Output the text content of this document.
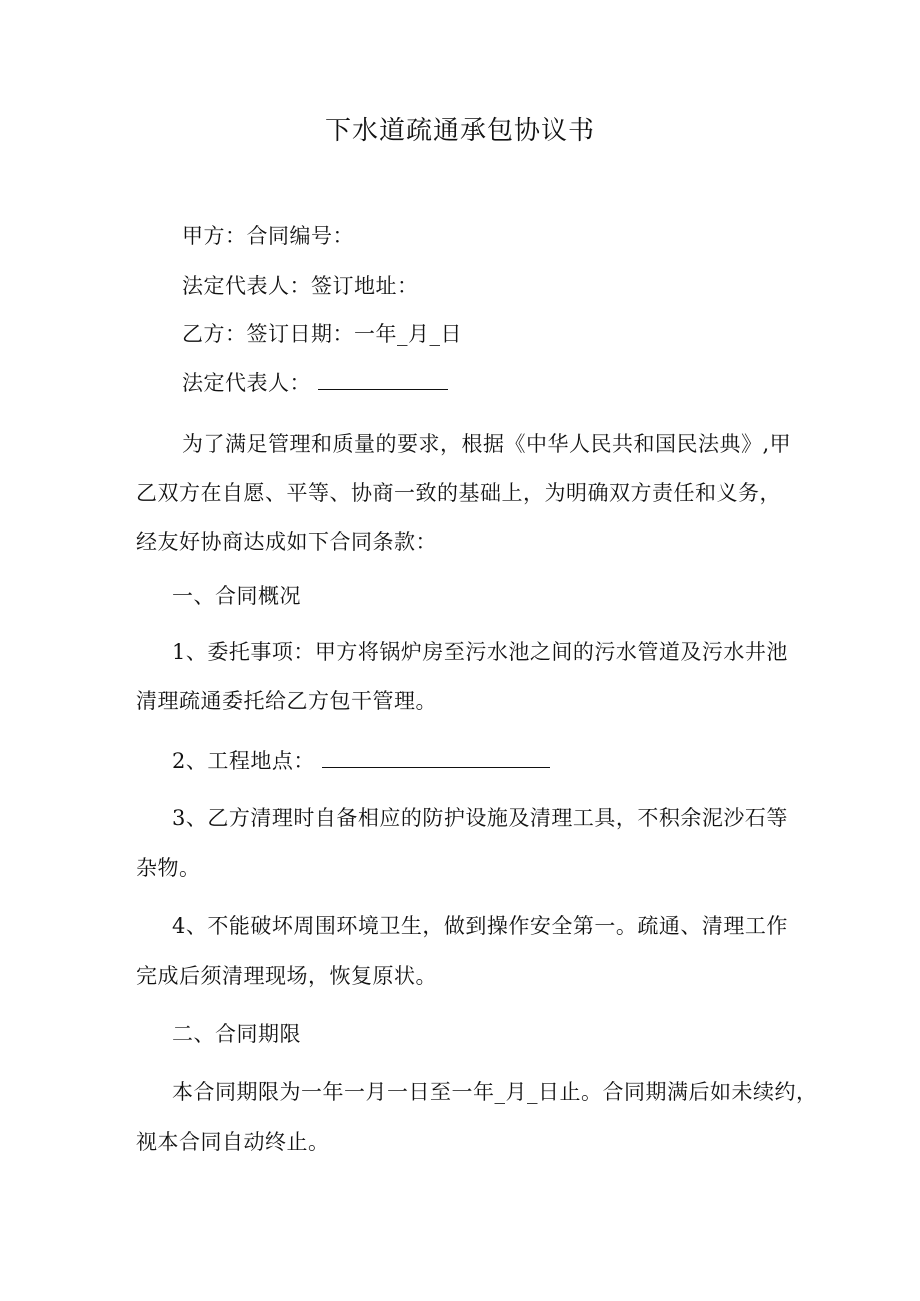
下水道疏通承包协议书
甲方：合同编号：
法定代表人：签订地址：
乙方：签订日期：一年_月_日
法定代表人：
为了满足管理和质量的要求，根据《中华人民共和国民法典》,甲
乙双方在自愿、平等、协商一致的基础上，为明确双方责任和义务，
经友好协商达成如下合同条款：
一、合同概况
1、委托事项：甲方将锅炉房至污水池之间的污水管道及污水井池
清理疏通委托给乙方包干管理。
2、工程地点：
3、乙方清理时自备相应的防护设施及清理工具，不积余泥沙石等
杂物。
4、不能破坏周围环境卫生，做到操作安全第一。疏通、清理工作
完成后须清理现场，恢复原状。
二、合同期限
本合同期限为一年一月一日至一年_月_日止。合同期满后如未续约，
视本合同自动终止。
